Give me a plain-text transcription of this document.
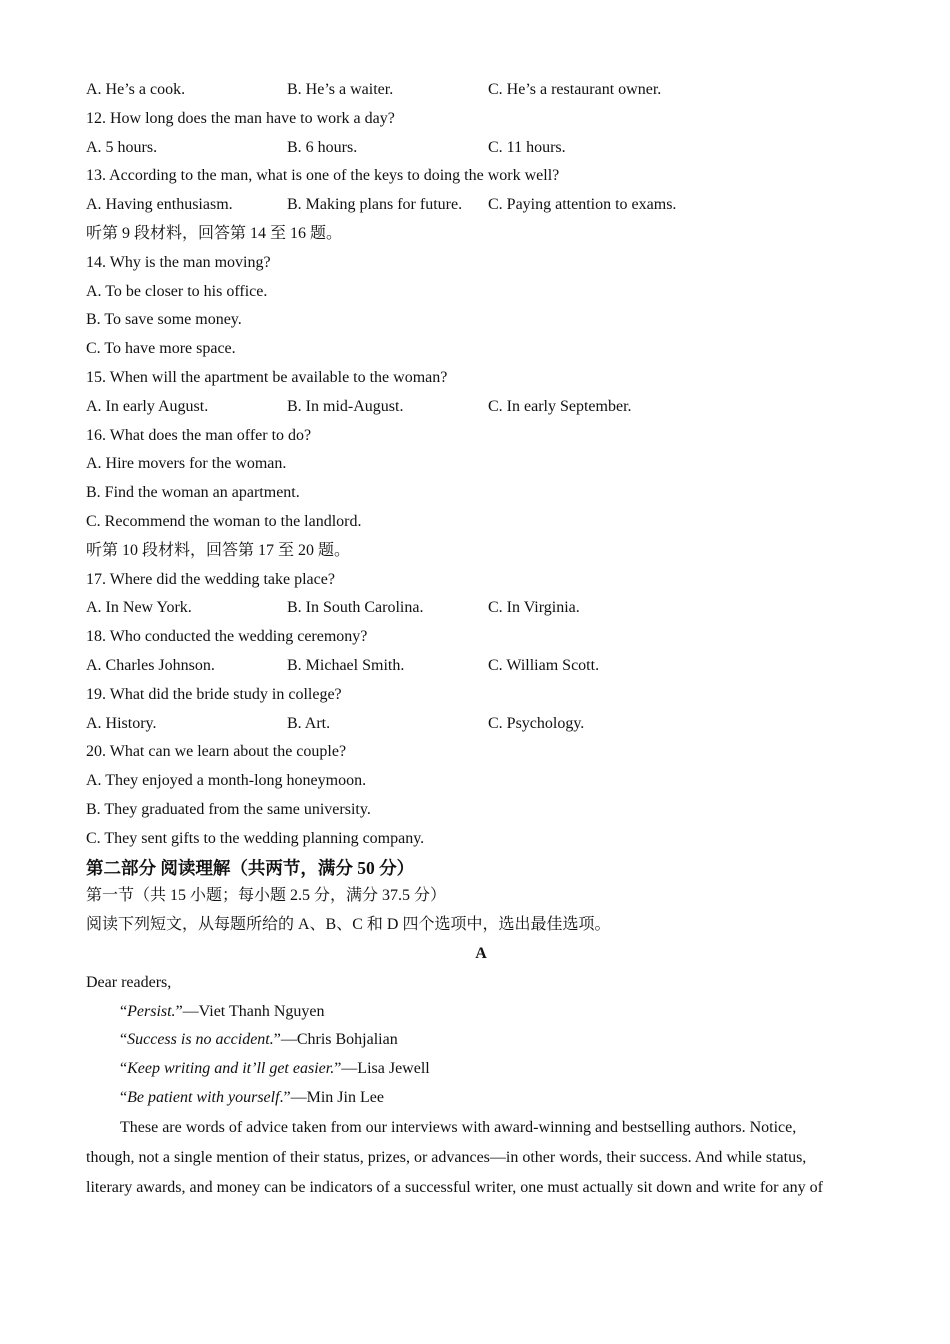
A. He’s a cook.	B. He’s a waiter.	C. He’s a restaurant owner.
12. How long does the man have to work a day?
A. 5 hours.	B. 6 hours.	C. 11 hours.
13. According to the man, what is one of the keys to doing the work well?
A. Having enthusiasm.	B. Making plans for future.	C. Paying attention to exams.
听第 9 段材料，回答第 14 至 16 题。
14. Why is the man moving?
A. To be closer to his office.
B. To save some money.
C. To have more space.
15. When will the apartment be available to the woman?
A. In early August.	B. In mid-August.	C. In early September.
16. What does the man offer to do?
A. Hire movers for the woman.
B. Find the woman an apartment.
C. Recommend the woman to the landlord.
听第 10 段材料，回答第 17 至 20 题。
17. Where did the wedding take place?
A. In New York.	B. In South Carolina.	C. In Virginia.
18. Who conducted the wedding ceremony?
A. Charles Johnson.	B. Michael Smith.	C. William Scott.
19. What did the bride study in college?
A. History.	B. Art.	C. Psychology.
20. What can we learn about the couple?
A. They enjoyed a month-long honeymoon.
B. They graduated from the same university.
C. They sent gifts to the wedding planning company.
第二部分 阅读理解（共两节，满分 50 分）
第一节（共 15 小题；每小题 2.5 分，满分 37.5 分）
阅读下列短文，从每题所给的 A、B、C 和 D 四个选项中，选出最佳选项。
A
Dear readers,
“Persist.”—Viet Thanh Nguyen
“Success is no accident.”—Chris Bohjalian
“Keep writing and it’ll get easier.”—Lisa Jewell
“Be patient with yourself.”—Min Jin Lee
These are words of advice taken from our interviews with award-winning and bestselling authors. Notice,
though, not a single mention of their status, prizes, or advances—in other words, their success. And while status,
literary awards, and money can be indicators of a successful writer, one must actually sit down and write for any of
